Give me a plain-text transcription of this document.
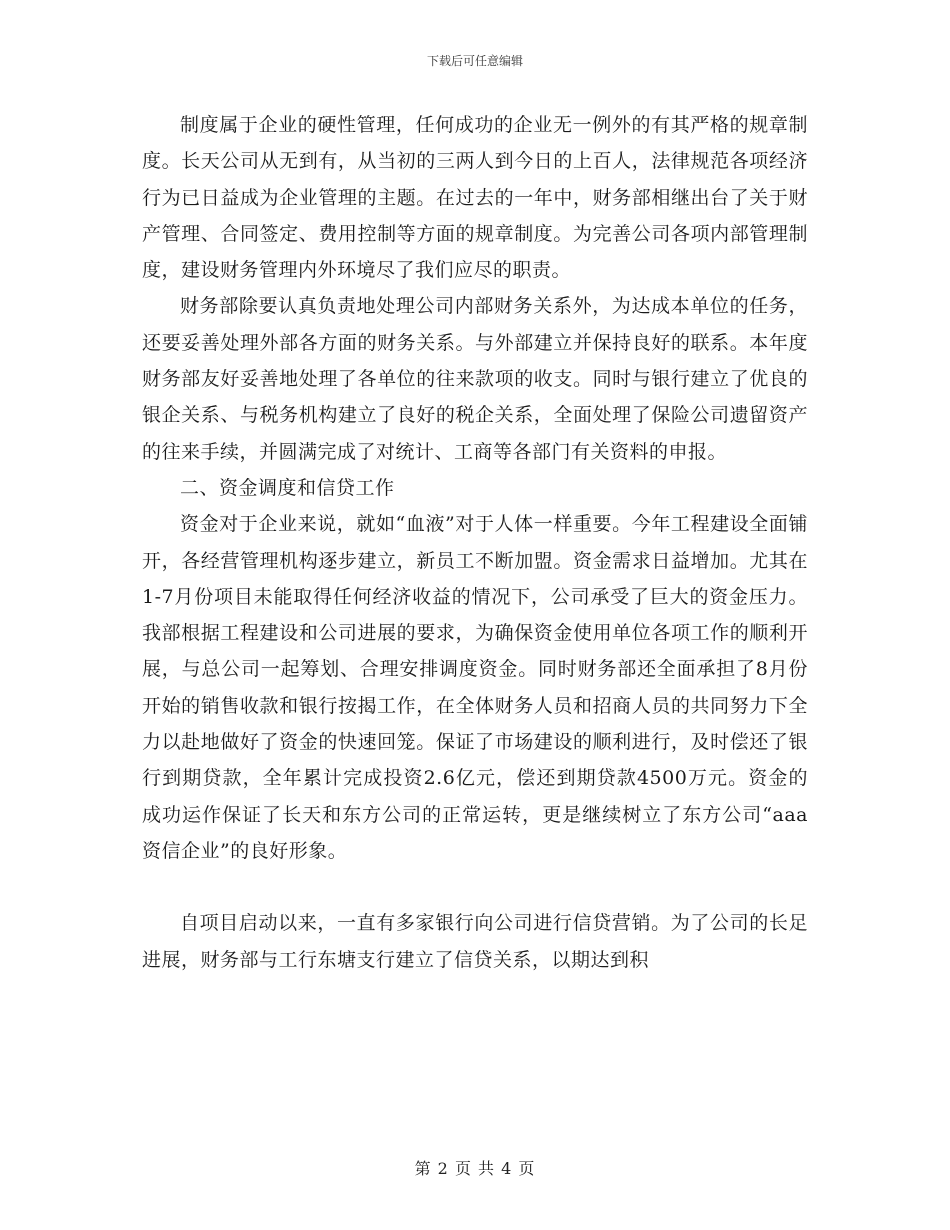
下载后可任意编辑

制度属于企业的硬性管理，任何成功的企业无一例外的有其严格的规章制度。长天公司从无到有，从当初的三两人到今日的上百人，法律规范各项经济行为已日益成为企业管理的主题。在过去的一年中，财务部相继出台了关于财产管理、合同签定、费用控制等方面的规章制度。为完善公司各项内部管理制度，建设财务管理内外环境尽了我们应尽的职责。

财务部除要认真负责地处理公司内部财务关系外，为达成本单位的任务，还要妥善处理外部各方面的财务关系。与外部建立并保持良好的联系。本年度财务部友好妥善地处理了各单位的往来款项的收支。同时与银行建立了优良的银企关系、与税务机构建立了良好的税企关系，全面处理了保险公司遗留资产的往来手续，并圆满完成了对统计、工商等各部门有关资料的申报。

二、资金调度和信贷工作

资金对于企业来说，就如“血液”对于人体一样重要。今年工程建设全面铺开，各经营管理机构逐步建立，新员工不断加盟。资金需求日益增加。尤其在1-7月份项目未能取得任何经济收益的情况下，公司承受了巨大的资金压力。我部根据工程建设和公司进展的要求，为确保资金使用单位各项工作的顺利开展，与总公司一起筹划、合理安排调度资金。同时财务部还全面承担了8月份开始的销售收款和银行按揭工作，在全体财务人员和招商人员的共同努力下全力以赴地做好了资金的快速回笼。保证了市场建设的顺利进行，及时偿还了银行到期贷款，全年累计完成投资2.6亿元，偿还到期贷款4500万元。资金的成功运作保证了长天和东方公司的正常运转，更是继续树立了东方公司“aaa资信企业”的良好形象。

自项目启动以来，一直有多家银行向公司进行信贷营销。为了公司的长足进展，财务部与工行东塘支行建立了信贷关系，以期达到积

第 2 页 共 4 页
